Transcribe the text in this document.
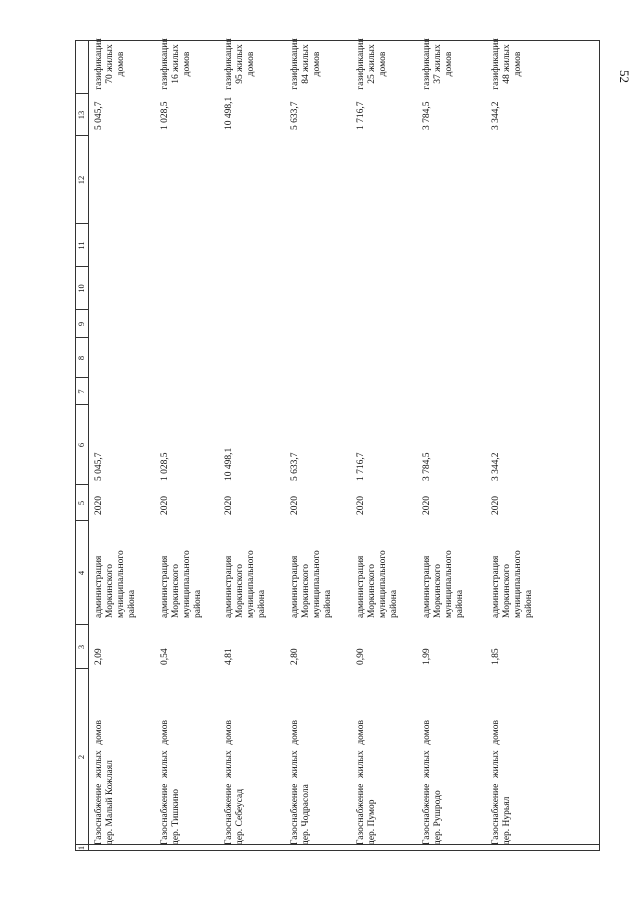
52
1
2
3
4
5
6
7
8
9
10
11
12
13
Газоснабжение
жилых
домов
дер. Малый Кожлаял
2,09
администрация Моркинского муниципального района
2020
5 045,7
5 045,7
газификация 70 жилых домов
Газоснабжение
жилых
домов
дер. Тишкино
0,54
администрация Моркинского муниципального района
2020
1 028,5
1 028,5
газификация 16 жилых домов
Газоснабжение
жилых
домов
дер. Себеусад
4,81
администрация Моркинского муниципального района
2020
10 498,1
10 498,1
газификация 95 жилых домов
Газоснабжение
жилых
домов
дер. Чодрасола
2,80
администрация Моркинского муниципального района
2020
5 633,7
5 633,7
газификация 84 жилых домов
Газоснабжение
жилых
домов
дер. Пумор
0,90
администрация Моркинского муниципального района
2020
1 716,7
1 716,7
газификация 25 жилых домов
Газоснабжение
жилых
домов
дер. Рушродо
1,99
администрация Моркинского муниципального района
2020
3 784,5
3 784,5
газификация 37 жилых домов
Газоснабжение
жилых
домов
дер. Нурьял
1,85
администрация Моркинского муниципального района
2020
3 344,2
3 344,2
газификация 48 жилых домов
